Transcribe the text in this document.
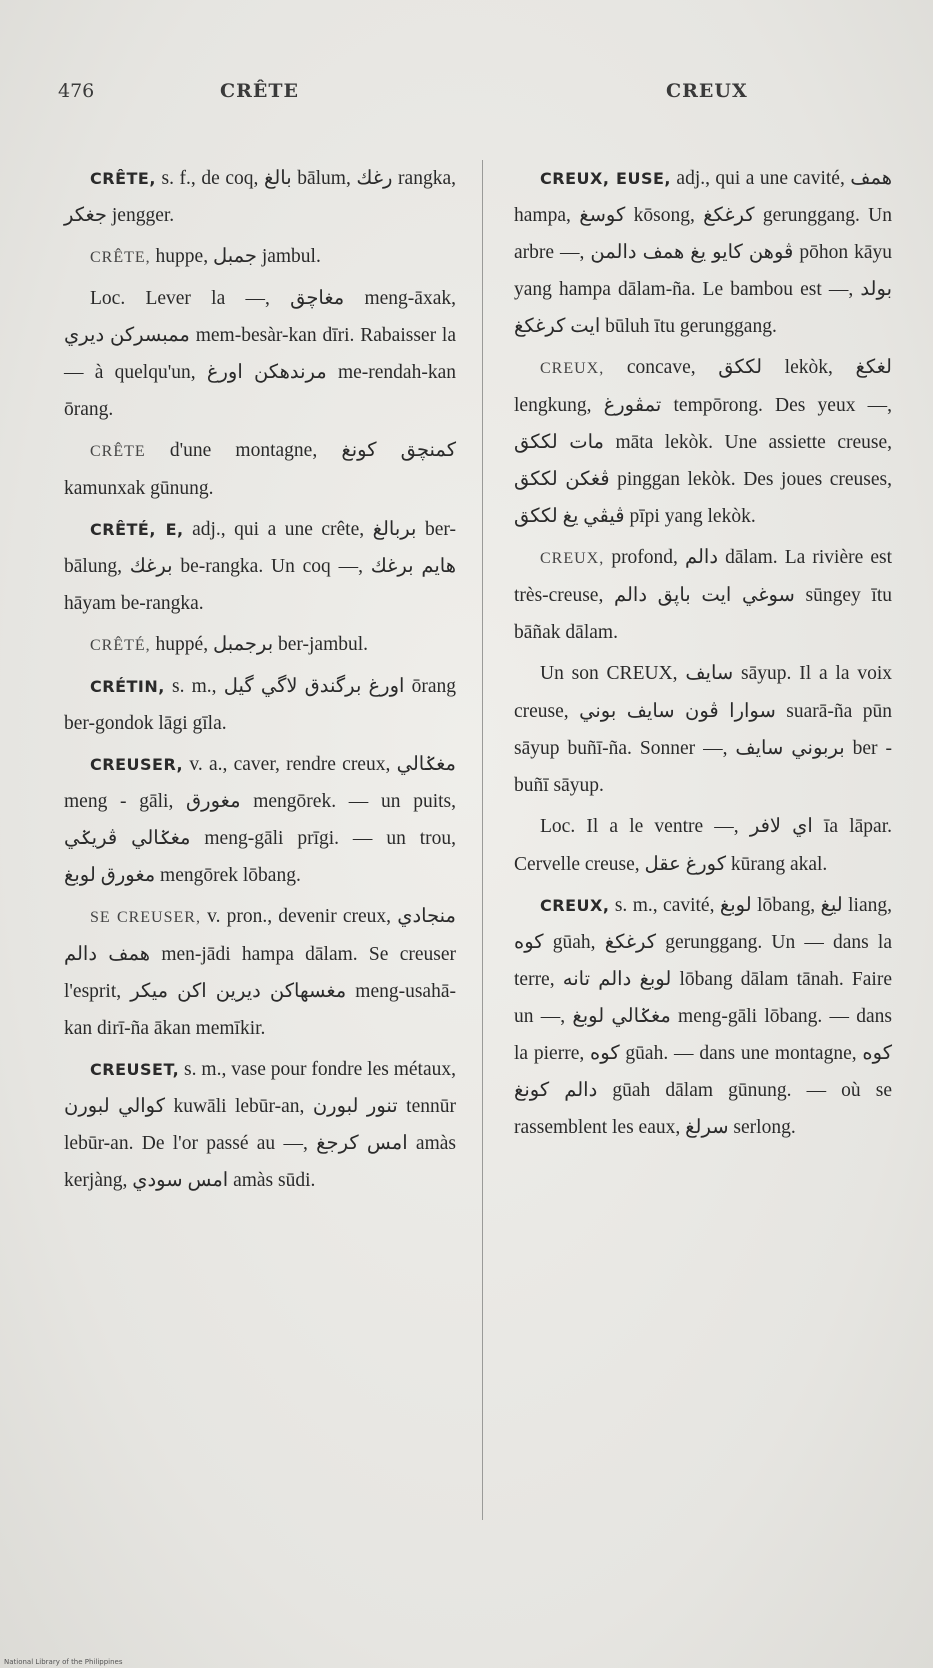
476	CRÊTE	CREUX

CRÊTE, s. f., de coq, بالغ bālum, رغك rangka, جغكر jengger.

CRÊTE, huppe, جمبل jambul.

Loc. Lever la —, مغاچق meng-āxak, ممبسركن ديري mem-besàr-kan dīri. Rabaisser la — à quelqu'un, مرندهكن اورغ me-rendah-kan ōrang.

CRÊTE d'une montagne, كمنچق كونغ kamunxak gūnung.

CRÊTÉ, E, adj., qui a une crête, بربالغ ber-bālung, برغك be-rangka. Un coq —, هايم برغك hāyam be-rangka.

CRÊTÉ, huppé, برجمبل ber-jambul.

CRÉTIN, s. m., اورغ برگندق لاگي گيل ōrang ber-gondok lāgi gīla.

CREUSER, v. a., caver, rendre creux, مغݢالي meng - gāli, مغورق mengōrek. — un puits, مغݢالي ڤريݢي meng-gāli prīgi. — un trou, مغورق لوبغ mengōrek lōbang.

SE CREUSER, v. pron., devenir creux, منجادي همف دالم men-jādi hampa dālam. Se creuser l'esprit, مغسهاكن ديرين اكن ميكر meng-usahā-kan dirī-ña ākan memīkir.

CREUSET, s. m., vase pour fondre les métaux, كوالي لبورن kuwāli lebūr-an, تنور لبورن tennūr lebūr-an. De l'or passé au —, امس كرجغ amàs kerjàng, امس سودي amàs sūdi.

CREUX, EUSE, adj., qui a une cavité, همف hampa, كوسغ kōsong, كرغكغ gerunggang. Un arbre —, ڤوهن كايو يغ همف دالمن pōhon kāyu yang hampa dālam-ña. Le bambou est —, بولد ايت كرغكغ būluh ītu gerunggang.

CREUX, concave, لككق lekòk, لغكغ lengkung, تمڤورغ tempōrong. Des yeux —, مات لككق māta lekòk. Une assiette creuse, ڤغكن لككق pinggan lekòk. Des joues creuses, ڤيڤي يغ لككق pīpi yang lekòk.

CREUX, profond, دالم dālam. La rivière est très-creuse, سوغي ايت باڽق دالم sūngey ītu bāñak dālam.

Un son CREUX, سايف sāyup. Il a la voix creuse, سوارا ڤون سايف بوني suarā-ña pūn sāyup buñī-ña. Sonner —, بربوني سايف ber - buñī sāyup.

Loc. Il a le ventre —, اي لافر īa lāpar. Cervelle creuse, كورغ عقل kūrang akal.

CREUX, s. m., cavité, لوبغ lōbang, ليغ liang, كوه gūah, كرغكغ gerunggang. Un — dans la terre, لوبغ دالم تانه lōbang dālam tānah. Faire un —, مغݢالي لوبغ meng-gāli lōbang. — dans la pierre, كوه gūah. — dans une montagne, كوه دالم كونغ gūah dālam gūnung. — où se rassemblent les eaux, سرلغ serlong.

National Library of the Philippines
